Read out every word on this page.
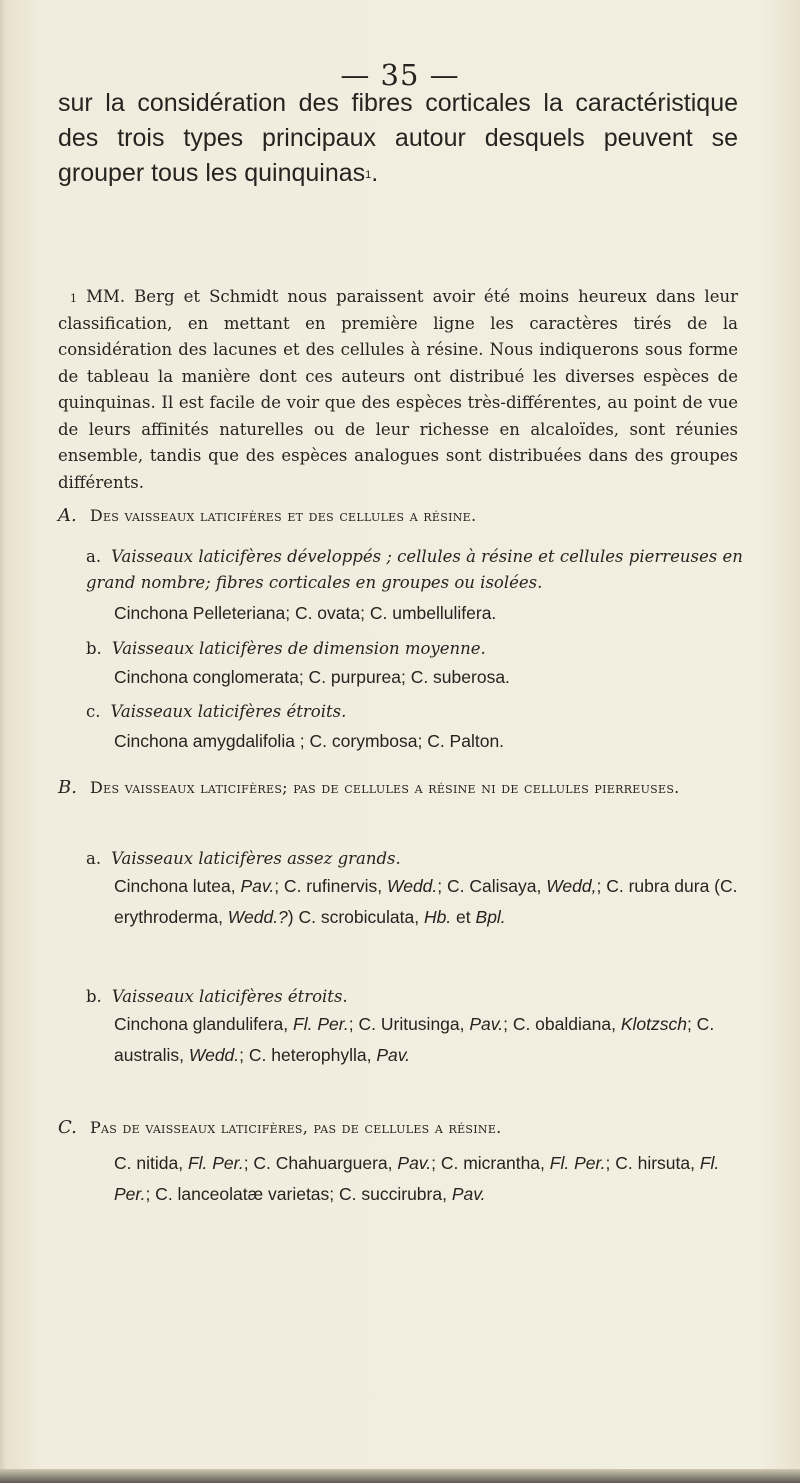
— 35 —

sur la considération des fibres corticales la caractéristique des trois types principaux autour desquels peuvent se grouper tous les quinquinas$^1$.

$^1$ MM. Berg et Schmidt nous paraissent avoir été moins heureux dans leur classification, en mettant en première ligne les caractères tirés de la considération des lacunes et des cellules à résine. Nous indiquerons sous forme de tableau la manière dont ces auteurs ont distribué les diverses espèces de quinquinas. Il est facile de voir que des espèces très-différentes, au point de vue de leurs affinités naturelles ou de leur richesse en alcaloïdes, sont réunies ensemble, tandis que des espèces analogues sont distribuées dans des groupes différents.

A. Des vaisseaux laticifères et des cellules a résine.
a. Vaisseaux laticifères développés ; cellules à résine et cellules pierreuses en grand nombre; fibres corticales en groupes ou isolées.
Cinchona Pelleteriana; C. ovata; C. umbellulifera.
b. Vaisseaux laticifères de dimension moyenne.
Cinchona conglomerata; C. purpurea; C. suberosa.
c. Vaisseaux laticifères étroits.
Cinchona amygdalifolia ; C. corymbosa; C. Palton.
B. Des vaisseaux laticifères; pas de cellules a résine ni de cellules pierreuses.
a. Vaisseaux laticifères assez grands.
Cinchona lutea, Pav.; C. rufinervis, Wedd.; C. Calisaya, Wedd,; C. rubra dura (C. erythroderma, Wedd.?) C. scrobiculata, Hb. et Bpl.
b. Vaisseaux laticifères étroits.
Cinchona glandulifera, Fl. Per.; C. Uritusinga, Pav.; C. obaldiana, Klotzsch; C. australis, Wedd.; C. heterophylla, Pav.
C. Pas de vaisseaux laticifères, pas de cellules a résine.
C. nitida, Fl. Per.; C. Chahuarguera, Pav.; C. micrantha, Fl. Per.; C. hirsuta, Fl. Per.; C. lanceolatæ varietas; C. succirubra, Pav.
